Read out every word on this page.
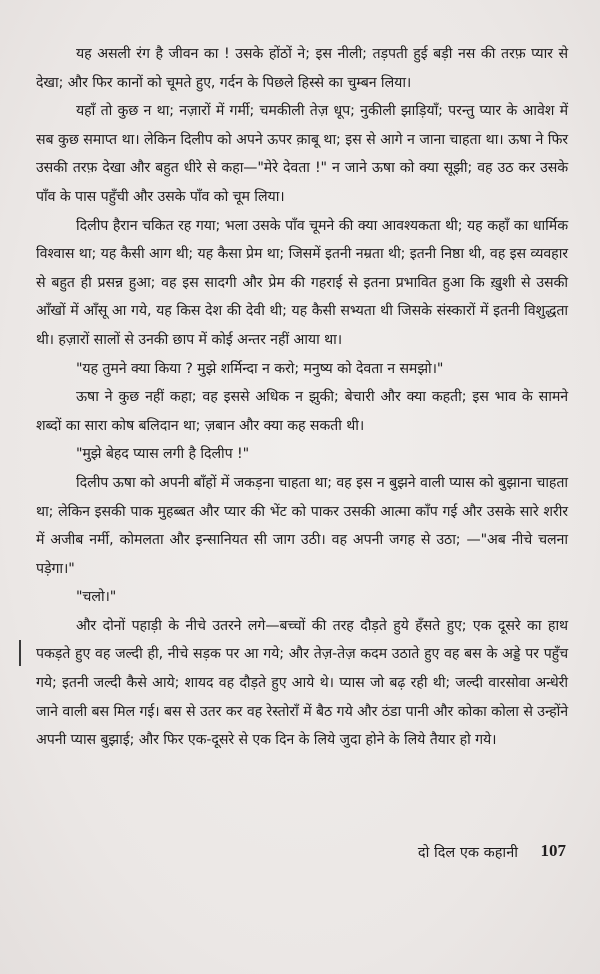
यह असली रंग है जीवन का ! उसके होंठों ने; इस नीली; तड़पती हुई बड़ी नस की तरफ़ प्यार से देखा; और फिर कानों को चूमते हुए, गर्दन के पिछले हिस्से का चुम्बन लिया।

यहाँ तो कुछ न था; नज़ारों में गर्मी; चमकीली तेज़ धूप; नुकीली झाड़ियाँ; परन्तु प्यार के आवेश में सब कुछ समाप्त था। लेकिन दिलीप को अपने ऊपर क़ाबू था; इस से आगे न जाना चाहता था। ऊषा ने फिर उसकी तरफ़ देखा और बहुत धीरे से कहा—"मेरे देवता !" न जाने ऊषा को क्या सूझी; वह उठ कर उसके पाँव के पास पहुँची और उसके पाँव को चूम लिया।

दिलीप हैरान चकित रह गया; भला उसके पाँव चूमने की क्या आवश्यकता थी; यह कहाँ का धार्मिक विश्वास था; यह कैसी आग थी; यह कैसा प्रेम था; जिसमें इतनी नम्रता थी; इतनी निष्ठा थी, वह इस व्यवहार से बहुत ही प्रसन्न हुआ; वह इस सादगी और प्रेम की गहराई से इतना प्रभावित हुआ कि ख़ुशी से उसकी आँखों में आँसू आ गये, यह किस देश की देवी थी; यह कैसी सभ्यता थी जिसके संस्कारों में इतनी विशुद्धता थी। हज़ारों सालों से उनकी छाप में कोई अन्तर नहीं आया था।

"यह तुमने क्या किया ? मुझे शर्मिन्दा न करो; मनुष्य को देवता न समझो।"

ऊषा ने कुछ नहीं कहा; वह इससे अधिक न झुकी; बेचारी और क्या कहती; इस भाव के सामने शब्दों का सारा कोष बलिदान था; ज़बान और क्या कह सकती थी।

"मुझे बेहद प्यास लगी है दिलीप !"

दिलीप ऊषा को अपनी बाँहों में जकड़ना चाहता था; वह इस न बुझने वाली प्यास को बुझाना चाहता था; लेकिन इसकी पाक मुहब्बत और प्यार की भेंट को पाकर उसकी आत्मा काँप गई और उसके सारे शरीर में अजीब नर्मी, कोमलता और इन्सानियत सी जाग उठी। वह अपनी जगह से उठा; —"अब नीचे चलना पड़ेगा।"

"चलो।"

और दोनों पहाड़ी के नीचे उतरने लगे—बच्चों की तरह दौड़ते हुये हँसते हुए; एक दूसरे का हाथ पकड़ते हुए वह जल्दी ही, नीचे सड़क पर आ गये; और तेज़-तेज़ कदम उठाते हुए वह बस के अड्डे पर पहुँच गये; इतनी जल्दी कैसे आये; शायद वह दौड़ते हुए आये थे। प्यास जो बढ़ रही थी; जल्दी वारसोवा अन्धेरी जाने वाली बस मिल गई। बस से उतर कर वह रेस्तोराँ में बैठ गये और ठंडा पानी और कोका कोला से उन्होंने अपनी प्यास बुझाई; और फिर एक-दूसरे से एक दिन के लिये जुदा होने के लिये तैयार हो गये।

दो दिल एक कहानी 107
